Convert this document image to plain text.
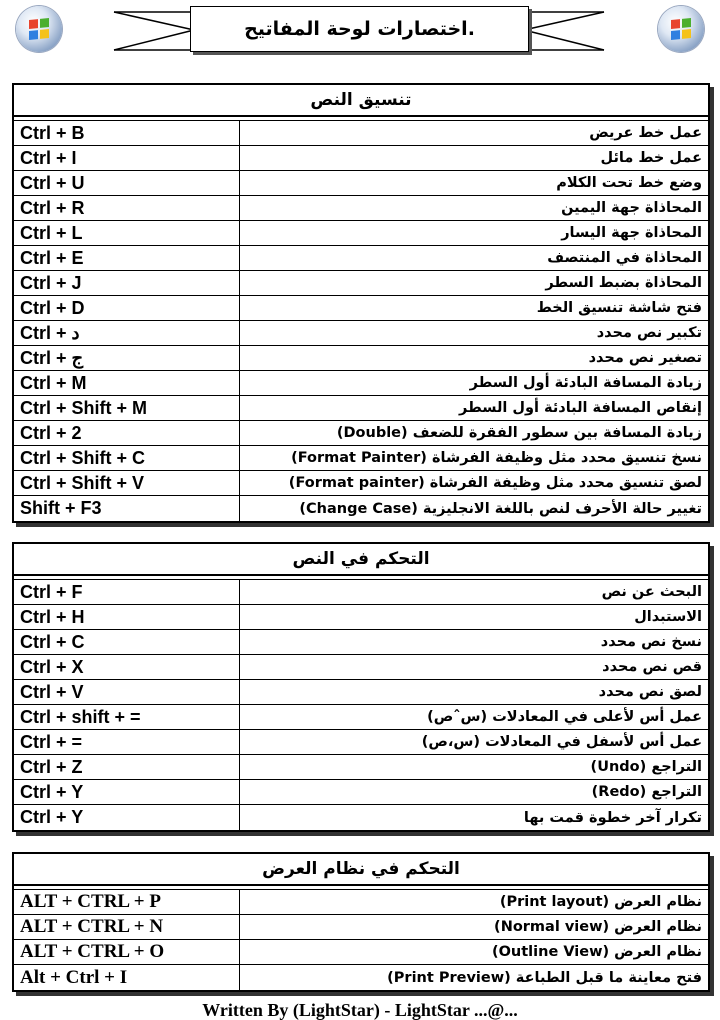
اختصارات لوحة المفاتيح.
تنسيق النص
Ctrl + B	عمل خط عريض
Ctrl + I	عمل خط مائل
Ctrl + U	وضع خط تحت الكلام
Ctrl + R	المحاذاة جهة اليمين
Ctrl + L	المحاذاة جهة اليسار
Ctrl + E	المحاذاة في المنتصف
Ctrl + J	المحاذاة بضبط السطر
Ctrl + D	فتح شاشة تنسيق الخط
Ctrl + د	تكبير نص محدد
Ctrl + ج	تصغير نص محدد
Ctrl + M	زيادة المسافة البادئة أول السطر
Ctrl + Shift + M	إنقاص المسافة البادئة أول السطر
Ctrl + 2	زيادة المسافة بين سطور الفقرة للضعف (Double)
Ctrl + Shift + C	نسخ تنسيق محدد مثل وظيفة الفرشاة (Format Painter)
Ctrl + Shift + V	لصق تنسيق محدد مثل وظيفة الفرشاة (Format painter)
Shift + F3	تغيير حالة الأحرف لنص باللغة الانجليزية (Change Case)
التحكم في النص
Ctrl + F	البحث عن نص
Ctrl + H	الاستبدال
Ctrl + C	نسخ نص محدد
Ctrl + X	قص نص محدد
Ctrl + V	لصق نص محدد
Ctrl + shift + =	عمل أس لأعلى في المعادلات (سˆص)
Ctrl + =	عمل أس لأسفل في المعادلات (س،ص)
Ctrl + Z	التراجع (Undo)
Ctrl + Y	التراجع (Redo)
Ctrl + Y	تكرار آخر خطوة قمت بها
التحكم في نظام العرض
ALT + CTRL + P	نظام العرض (Print layout)
ALT + CTRL + N	نظام العرض (Normal view)
ALT + CTRL + O	نظام العرض (Outline View)
Alt + Ctrl + I	فتح معاينة ما قبل الطباعة (Print Preview)
Written By (LightStar) - LightStar ...@...
